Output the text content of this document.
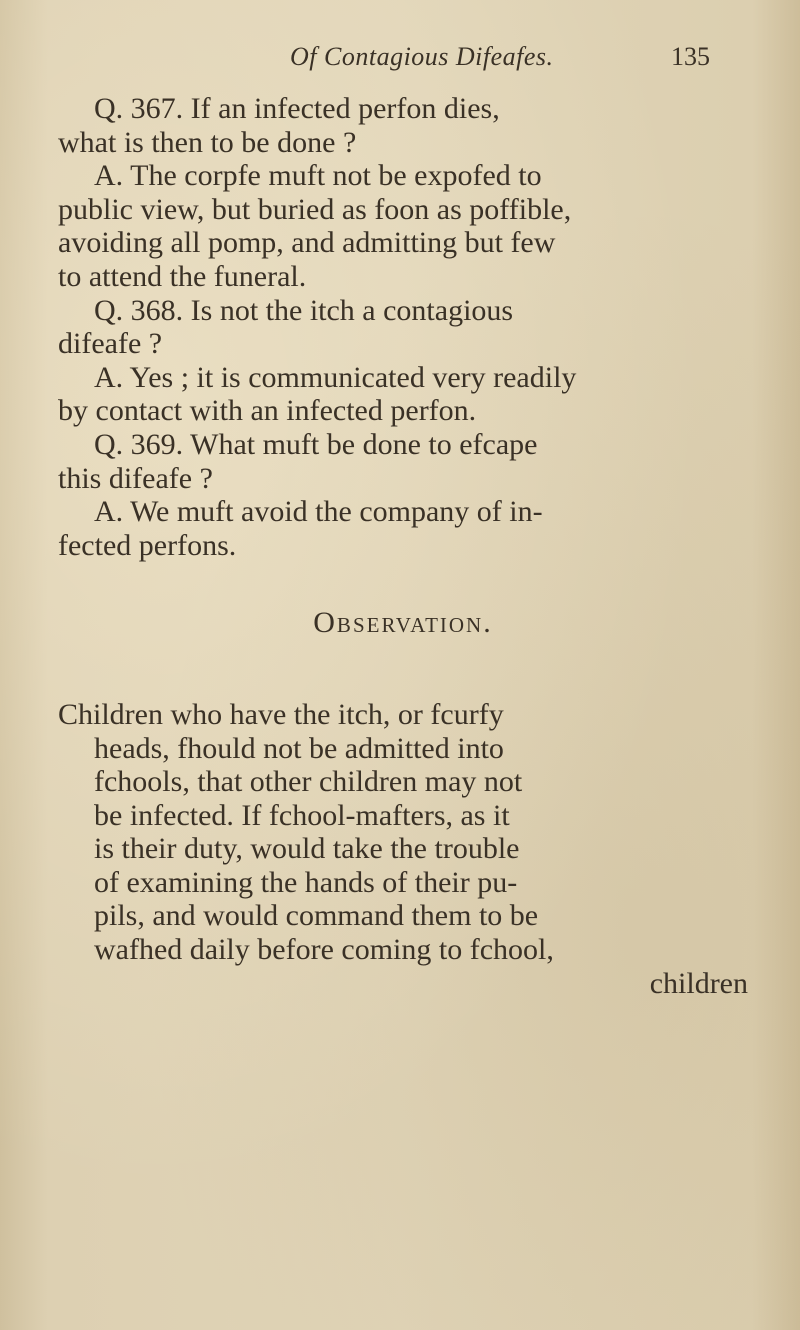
Of Contagious Difeafes.	135
Q. 367. If an infected perfon dies,
what is then to be done ?
A. The corpfe muft not be expofed to
public view, but buried as foon as poffible,
avoiding all pomp, and admitting but few
to attend the funeral.
Q. 368. Is not the itch a contagious
difeafe ?
A. Yes ; it is communicated very readily
by contact with an infected perfon.
Q. 369. What muft be done to efcape
this difeafe ?
A. We muft avoid the company of in-
fected perfons.
Observation.
Children who have the itch, or fcurfy
heads, fhould not be admitted into
fchools, that other children may not
be infected. If fchool-mafters, as it
is their duty, would take the trouble
of examining the hands of their pu-
pils, and would command them to be
wafhed daily before coming to fchool,
children
